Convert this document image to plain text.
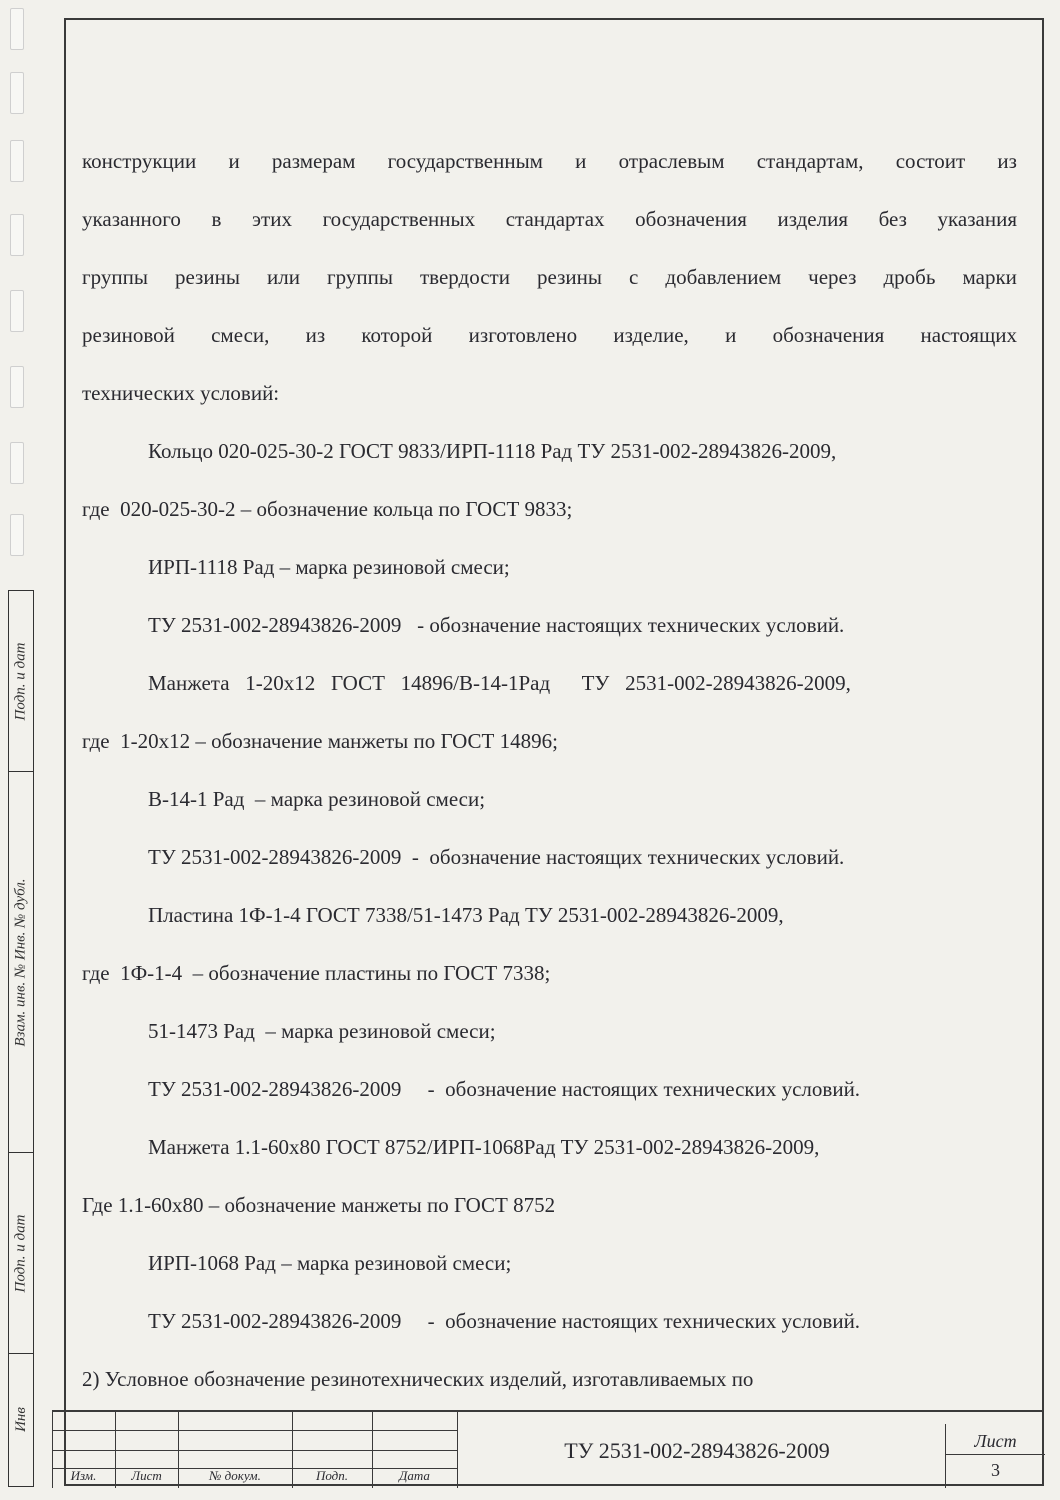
Подп. и дат
Взам. инв. № Инв. № дубл.
Подп. и дат
Инв
конструкции и размерам государственным и отраслевым стандартам, состоит из
указанного в этих государственных стандартах обозначения изделия без указания
группы резины или группы твердости резины с добавлением через дробь марки
резиновой смеси, из которой изготовлено изделие, и обозначения настоящих
технических условий:
Кольцо 020-025-30-2 ГОСТ 9833/ИРП-1118 Рад ТУ 2531-002-28943826-2009,
где  020-025-30-2 – обозначение кольца по ГОСТ 9833;
ИРП-1118 Рад – марка резиновой смеси;
ТУ 2531-002-28943826-2009   - обозначение настоящих технических условий.
Манжета   1-20х12   ГОСТ   14896/В-14-1Рад      ТУ   2531-002-28943826-2009,
где  1-20х12 – обозначение манжеты по ГОСТ 14896;
В-14-1 Рад  – марка резиновой смеси;
ТУ 2531-002-28943826-2009  -  обозначение настоящих технических условий.
Пластина 1Ф-1-4 ГОСТ 7338/51-1473 Рад ТУ 2531-002-28943826-2009,
где  1Ф-1-4  – обозначение пластины по ГОСТ 7338;
51-1473 Рад  – марка резиновой смеси;
ТУ 2531-002-28943826-2009     -  обозначение настоящих технических условий.
Манжета 1.1-60х80 ГОСТ 8752/ИРП-1068Рад ТУ 2531-002-28943826-2009,
Где 1.1-60х80 – обозначение манжеты по ГОСТ 8752
ИРП-1068 Рад – марка резиновой смеси;
ТУ 2531-002-28943826-2009     -  обозначение настоящих технических условий.
2) Условное обозначение резинотехнических изделий, изготавливаемых по
Изм.	Лист	№ докум.	Подп.	Дата
ТУ 2531-002-28943826-2009	Лист
3
